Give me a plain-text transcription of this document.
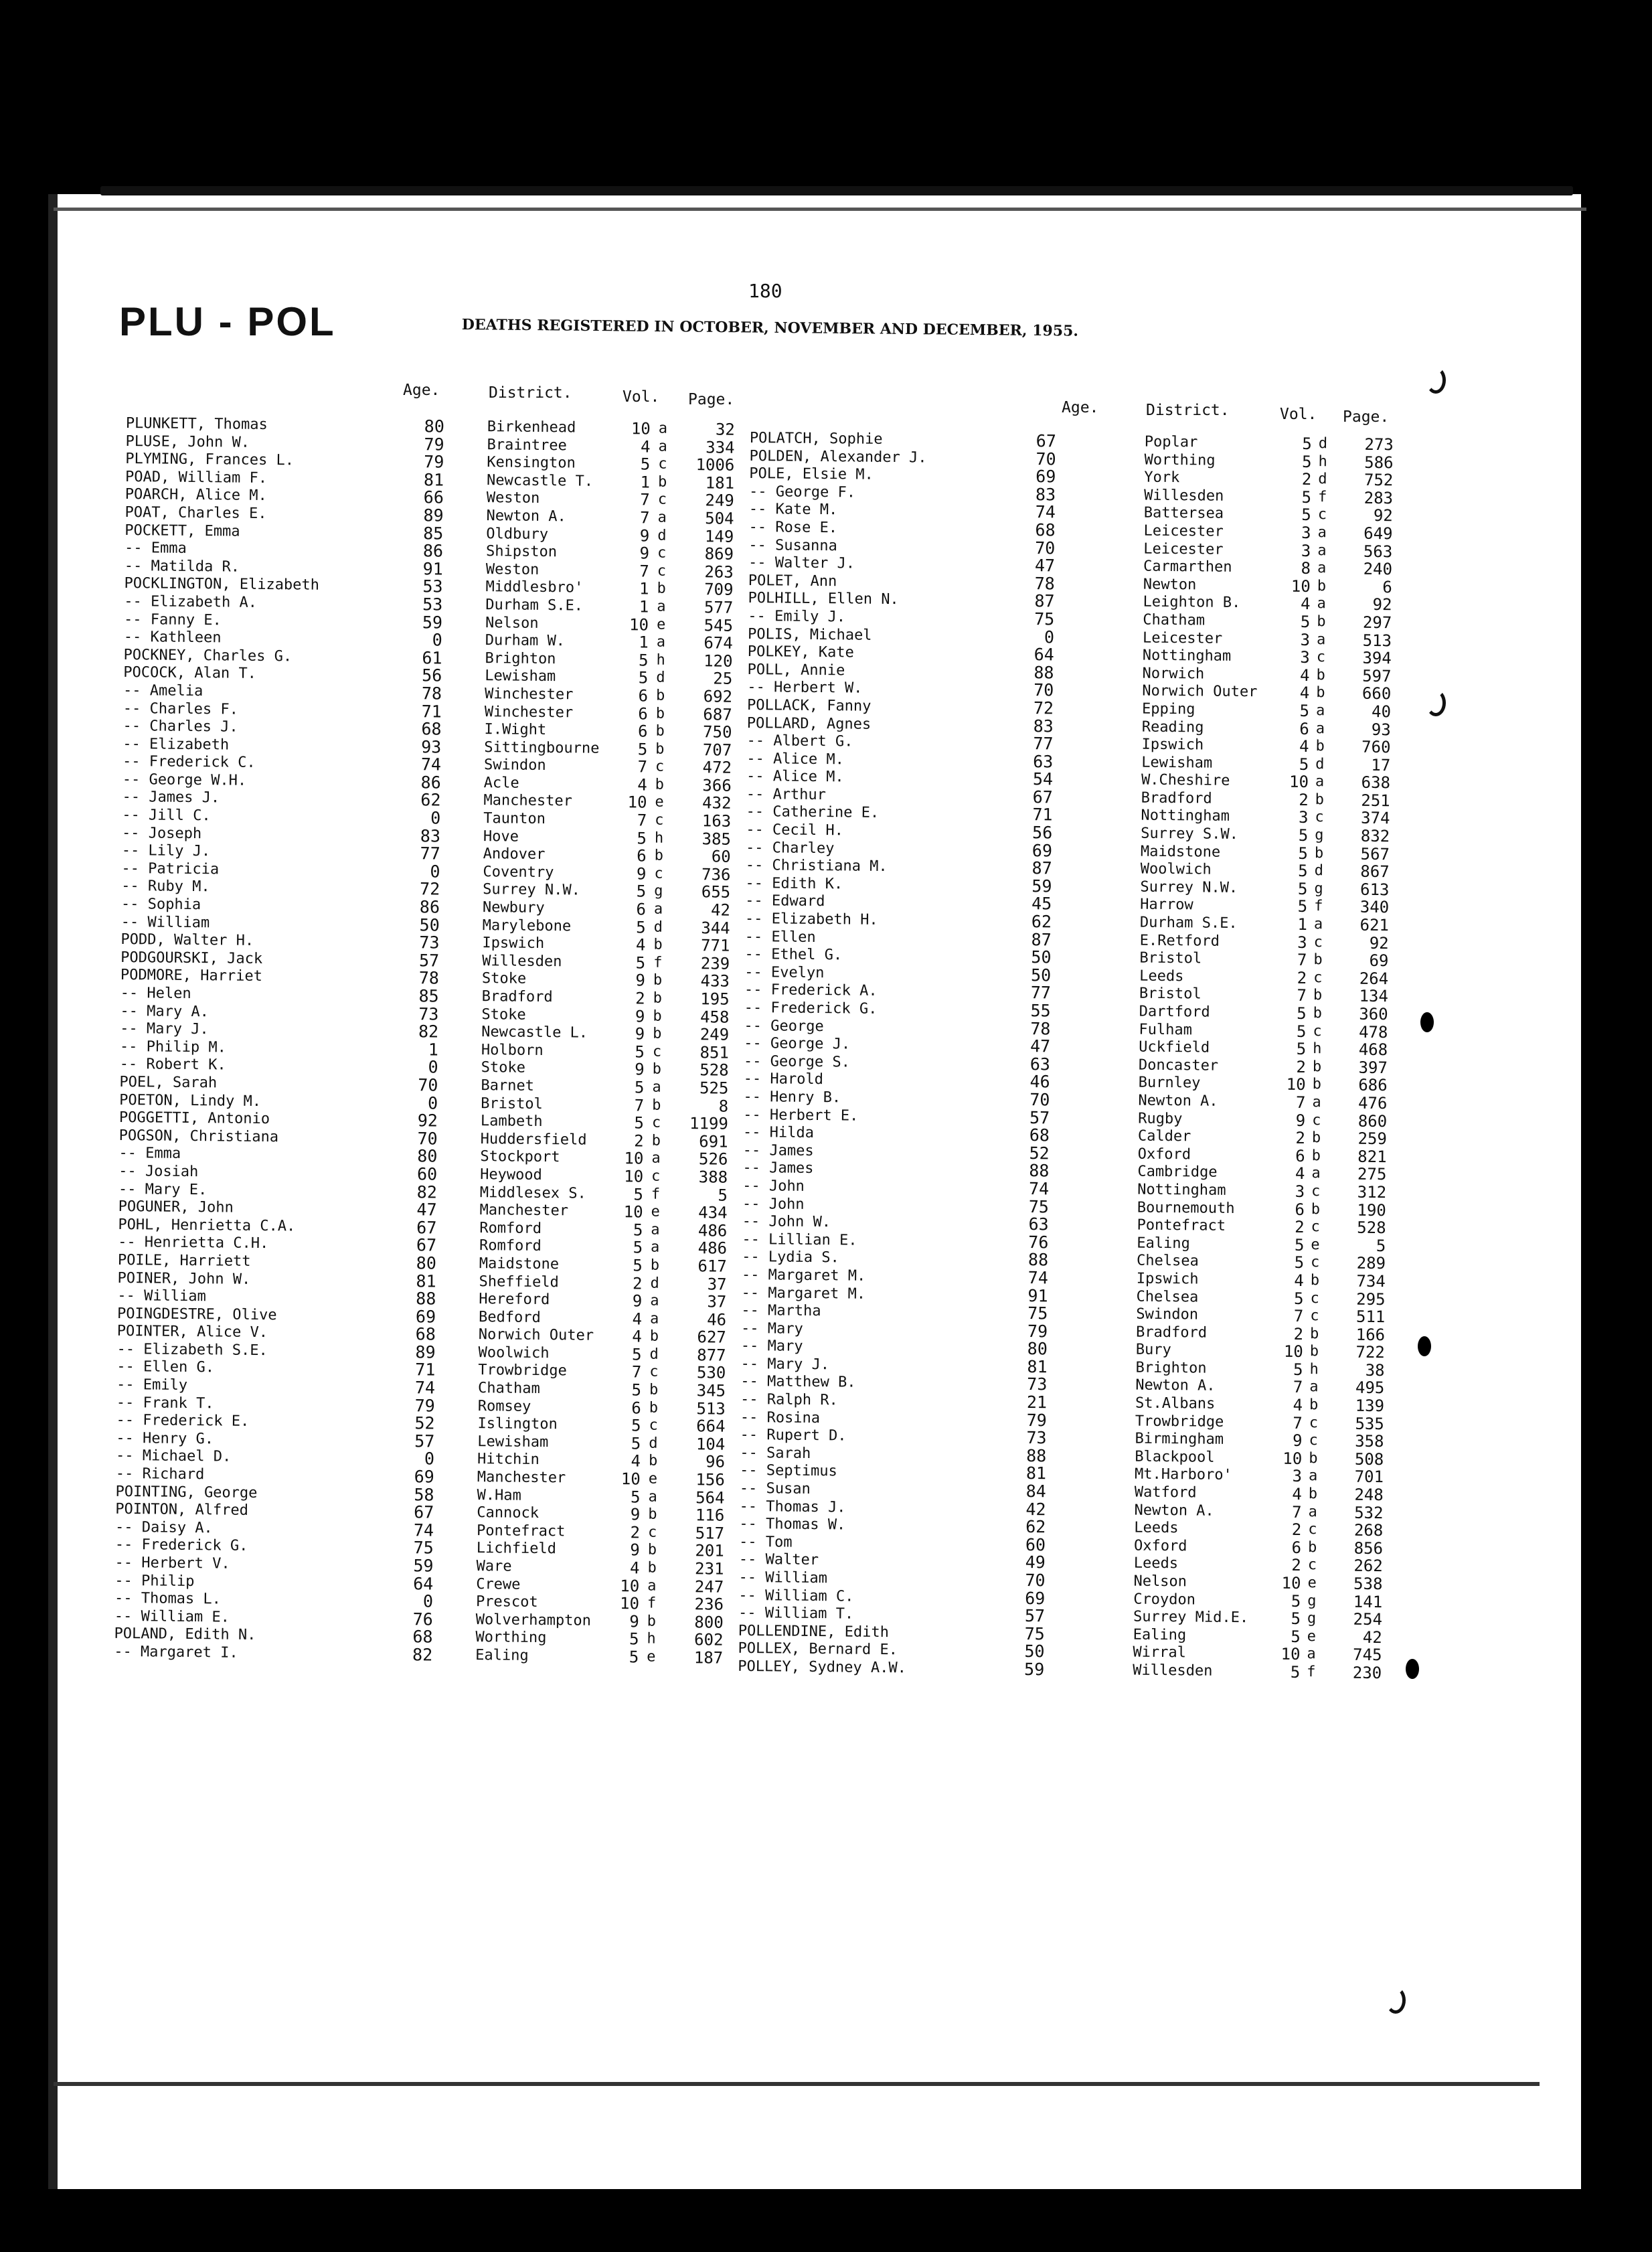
:
180
PLU - POL	DEATHS REGISTERED IN OCTOBER, NOVEMBER AND DECEMBER, 1955.
Age.	District.	Vol. Page.	Age.	District.	Vol. Page.
PLUNKETT, Thomas	80	Birkenhead	10 a	32
PLUSE, John W.	79	Braintree	4 a	334
PLYMING, Frances L.	79	Kensington	5 c	1006
POAD, William F.	81	Newcastle T.	1 b	181
POARCH, Alice M.	66	Weston	7 c	249
POAT, Charles E.	89	Newton A.	7 a	504
POCKETT, Emma	85	Oldbury	9 d	149
-- Emma	86	Shipston	9 c	869
-- Matilda R.	91	Weston	7 c	263
POCKLINGTON, Elizabeth	53	Middlesbro'	1 b	709
-- Elizabeth A.	53	Durham S.E.	1 a	577
-- Fanny E.	59	Nelson	10 e	545
-- Kathleen	0	Durham W.	1 a	674
POCKNEY, Charles G.	61	Brighton	5 h	120
POCOCK, Alan T.	56	Lewisham	5 d	25
-- Amelia	78	Winchester	6 b	692
-- Charles F.	71	Winchester	6 b	687
-- Charles J.	68	I.Wight	6 b	750
-- Elizabeth	93	Sittingbourne	5 b	707
-- Frederick C.	74	Swindon	7 c	472
-- George W.H.	86	Acle	4 b	366
-- James J.	62	Manchester	10 e	432
-- Jill C.	0	Taunton	7 c	163
-- Joseph	83	Hove	5 h	385
-- Lily J.	77	Andover	6 b	60
-- Patricia	0	Coventry	9 c	736
-- Ruby M.	72	Surrey N.W.	5 g	655
-- Sophia	86	Newbury	6 a	42
-- William	50	Marylebone	5 d	344
PODD, Walter H.	73	Ipswich	4 b	771
PODGOURSKI, Jack	57	Willesden	5 f	239
PODMORE, Harriet	78	Stoke	9 b	433
-- Helen	85	Bradford	2 b	195
-- Mary A.	73	Stoke	9 b	458
-- Mary J.	82	Newcastle L.	9 b	249
-- Philip M.	1	Holborn	5 c	851
-- Robert K.	0	Stoke	9 b	528
POEL, Sarah	70	Barnet	5 a	525
POETON, Lindy M.	0	Bristol	7 b	8
POGGETTI, Antonio	92	Lambeth	5 c	1199
POGSON, Christiana	70	Huddersfield	2 b	691
-- Emma	80	Stockport	10 a	526
-- Josiah	60	Heywood	10 c	388
-- Mary E.	82	Middlesex S.	5 f	5
POGUNER, John	47	Manchester	10 e	434
POHL, Henrietta C.A.	67	Romford	5 a	486
-- Henrietta C.H.	67	Romford	5 a	486
POILE, Harriett	80	Maidstone	5 b	617
POINER, John W.	81	Sheffield	2 d	37
-- William	88	Hereford	9 a	37
POINGDESTRE, Olive	69	Bedford	4 a	46
POINTER, Alice V.	68	Norwich Outer	4 b	627
-- Elizabeth S.E.	89	Woolwich	5 d	877
-- Ellen G.	71	Trowbridge	7 c	530
-- Emily	74	Chatham	5 b	345
-- Frank T.	79	Romsey	6 b	513
-- Frederick E.	52	Islington	5 c	664
-- Henry G.	57	Lewisham	5 d	104
-- Michael D.	0	Hitchin	4 b	96
-- Richard	69	Manchester	10 e	156
POINTING, George	58	W.Ham	5 a	564
POINTON, Alfred	67	Cannock	9 b	116
-- Daisy A.	74	Pontefract	2 c	517
-- Frederick G.	75	Lichfield	9 b	201
-- Herbert V.	59	Ware	4 b	231
-- Philip	64	Crewe	10 a	247
-- Thomas L.	0	Prescot	10 f	236
-- William E.	76	Wolverhampton	9 b	800
POLAND, Edith N.	68	Worthing	5 h	602
-- Margaret I.	82	Ealing	5 e	187
POLATCH, Sophie	67	Poplar	5 d	273
POLDEN, Alexander J.	70	Worthing	5 h	586
POLE, Elsie M.	69	York	2 d	752
-- George F.	83	Willesden	5 f	283
-- Kate M.	74	Battersea	5 c	92
-- Rose E.	68	Leicester	3 a	649
-- Susanna	70	Leicester	3 a	563
-- Walter J.	47	Carmarthen	8 a	240
POLET, Ann	78	Newton	10 b	6
POLHILL, Ellen N.	87	Leighton B.	4 a	92
-- Emily J.	75	Chatham	5 b	297
POLIS, Michael	0	Leicester	3 a	513
POLKEY, Kate	64	Nottingham	3 c	394
POLL, Annie	88	Norwich	4 b	597
-- Herbert W.	70	Norwich Outer	4 b	660
POLLACK, Fanny	72	Epping	5 a	40
POLLARD, Agnes	83	Reading	6 a	93
-- Albert G.	77	Ipswich	4 b	760
-- Alice M.	63	Lewisham	5 d	17
-- Alice M.	54	W.Cheshire	10 a	638
-- Arthur	67	Bradford	2 b	251
-- Catherine E.	71	Nottingham	3 c	374
-- Cecil H.	56	Surrey S.W.	5 g	832
-- Charley	69	Maidstone	5 b	567
-- Christiana M.	87	Woolwich	5 d	867
-- Edith K.	59	Surrey N.W.	5 g	613
-- Edward	45	Harrow	5 f	340
-- Elizabeth H.	62	Durham S.E.	1 a	621
-- Ellen	87	E.Retford	3 c	92
-- Ethel G.	50	Bristol	7 b	69
-- Evelyn	50	Leeds	2 c	264
-- Frederick A.	77	Bristol	7 b	134
-- Frederick G.	55	Dartford	5 b	360
-- George	78	Fulham	5 c	478
-- George J.	47	Uckfield	5 h	468
-- George S.	63	Doncaster	2 b	397
-- Harold	46	Burnley	10 b	686
-- Henry B.	70	Newton A.	7 a	476
-- Herbert E.	57	Rugby	9 c	860
-- Hilda	68	Calder	2 b	259
-- James	52	Oxford	6 b	821
-- James	88	Cambridge	4 a	275
-- John	74	Nottingham	3 c	312
-- John	75	Bournemouth	6 b	190
-- John W.	63	Pontefract	2 c	528
-- Lillian E.	76	Ealing	5 e	5
-- Lydia S.	88	Chelsea	5 c	289
-- Margaret M.	74	Ipswich	4 b	734
-- Margaret M.	91	Chelsea	5 c	295
-- Martha	75	Swindon	7 c	511
-- Mary	79	Bradford	2 b	166
-- Mary	80	Bury	10 b	722
-- Mary J.	81	Brighton	5 h	38
-- Matthew B.	73	Newton A.	7 a	495
-- Ralph R.	21	St.Albans	4 b	139
-- Rosina	79	Trowbridge	7 c	535
-- Rupert D.	73	Birmingham	9 c	358
-- Sarah	88	Blackpool	10 b	508
-- Septimus	81	Mt.Harboro'	3 a	701
-- Susan	84	Watford	4 b	248
-- Thomas J.	42	Newton A.	7 a	532
-- Thomas W.	62	Leeds	2 c	268
-- Tom	60	Oxford	6 b	856
-- Walter	49	Leeds	2 c	262
-- William	70	Nelson	10 e	538
-- William C.	69	Croydon	5 g	141
-- William T.	57	Surrey Mid.E.	5 g	254
POLLENDINE, Edith	75	Ealing	5 e	42
POLLEX, Bernard E.	50	Wirral	10 a	745
POLLEY, Sydney A.W.	59	Willesden	5 f	230
